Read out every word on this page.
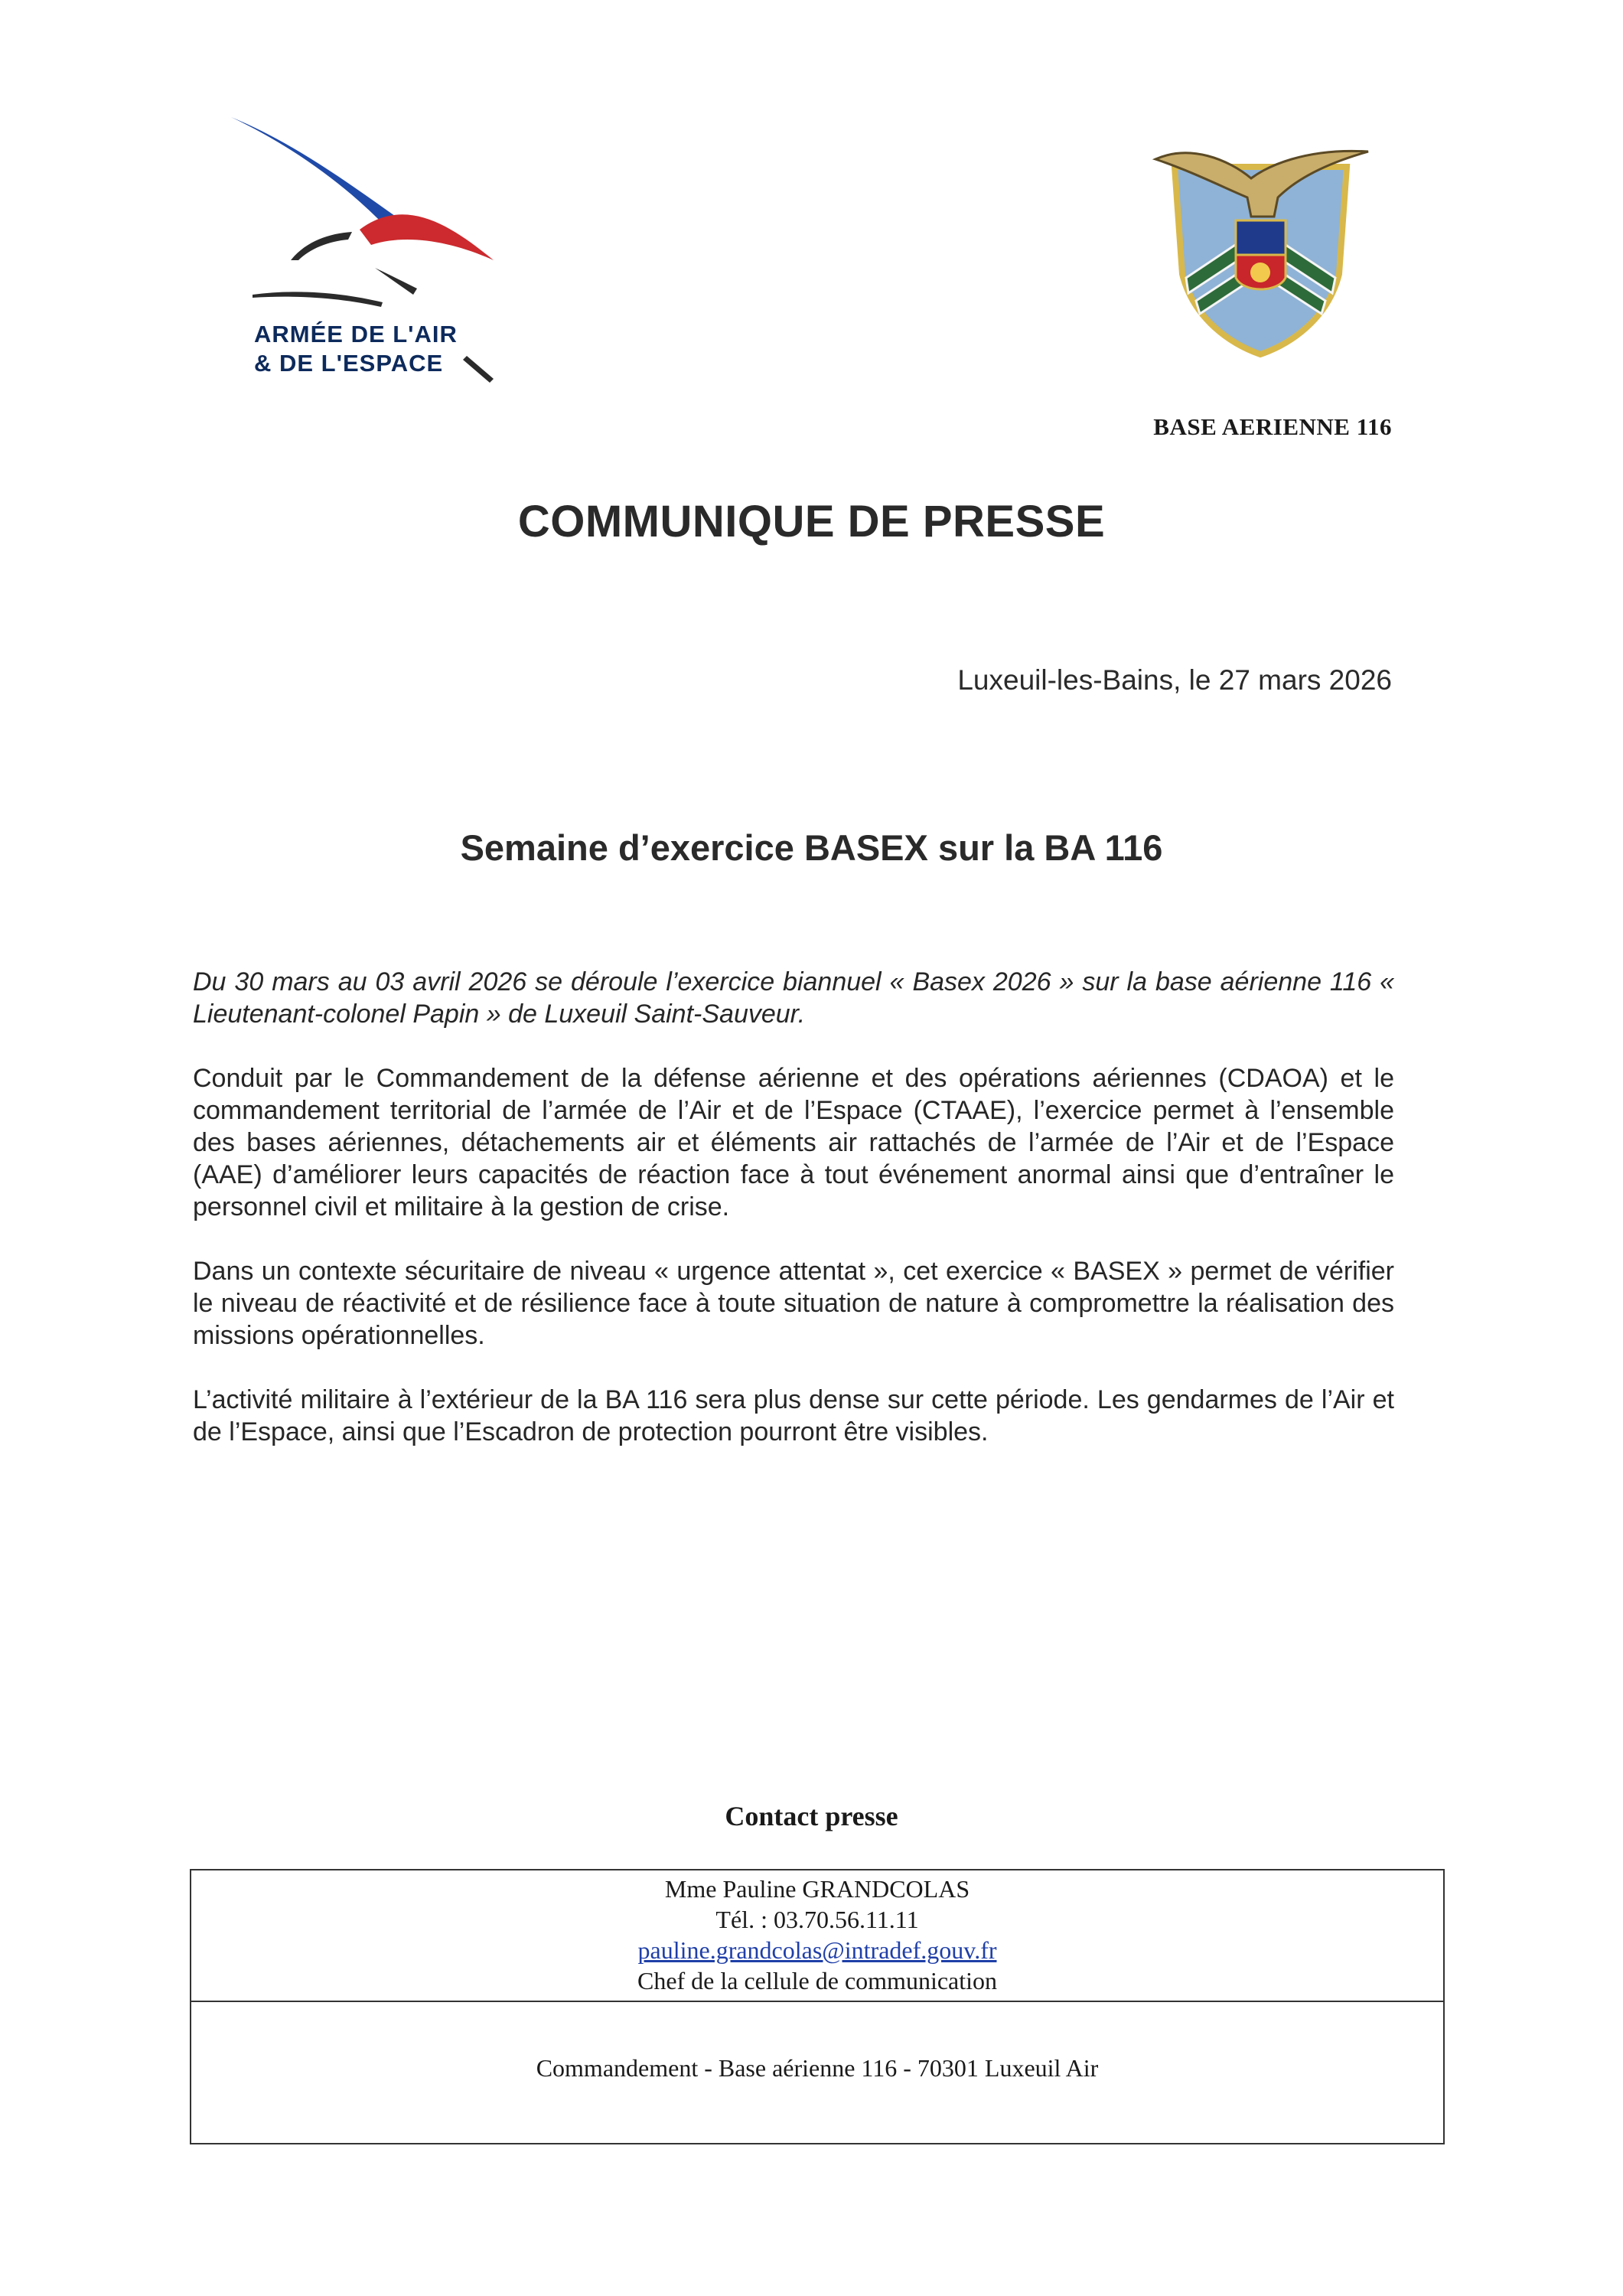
ARMÉE DE L'AIR
& DE L'ESPACE
BASE AERIENNE 116
COMMUNIQUE DE PRESSE
Luxeuil-les-Bains, le 27 mars 2026
Semaine d’exercice BASEX sur la BA 116

Du 30 mars au 03 avril 2026 se déroule l’exercice biannuel « Basex 2026 » sur la base aérienne 116 « Lieutenant-colonel Papin » de Luxeuil Saint-Sauveur.

Conduit par le Commandement de la défense aérienne et des opérations aériennes (CDAOA) et le commandement territorial de l’armée de l’Air et de l’Espace (CTAAE), l’exercice permet à l’ensemble des bases aériennes, détachements air et éléments air rattachés de l’armée de l’Air et de l’Espace (AAE) d’améliorer leurs capacités de réaction face à tout événement anormal ainsi que d’entraîner le personnel civil et militaire à la gestion de crise.

Dans un contexte sécuritaire de niveau « urgence attentat », cet exercice « BASEX » permet de vérifier le niveau de réactivité et de résilience face à toute situation de nature à compromettre la réalisation des missions opérationnelles.

L’activité militaire à l’extérieur de la BA 116 sera plus dense sur cette période. Les gendarmes de l’Air et de l’Espace, ainsi que l’Escadron de protection pourront être visibles.

Contact presse
Mme Pauline GRANDCOLAS
Tél. : 03.70.56.11.11
pauline.grandcolas@intradef.gouv.fr
Chef de la cellule de communication
Commandement - Base aérienne 116 - 70301 Luxeuil Air
